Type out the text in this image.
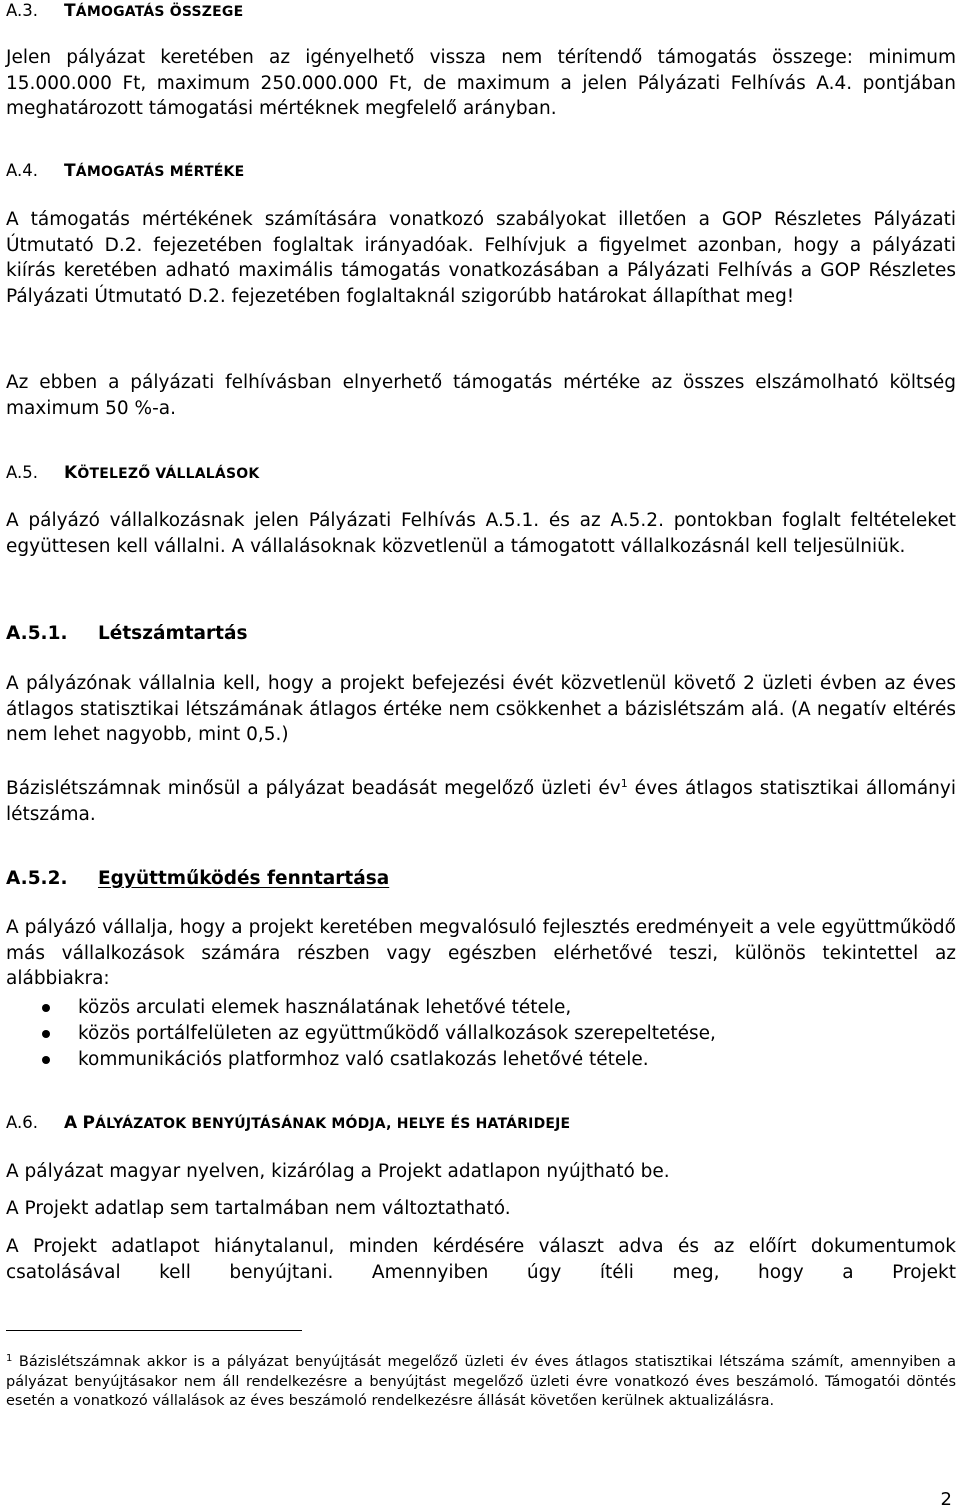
A.3. TÁMOGATÁS ÖSSZEGE

Jelen pályázat keretében az igényelhető vissza nem térítendő támogatás összege: minimum 15.000.000 Ft, maximum 250.000.000 Ft, de maximum a jelen Pályázati Felhívás A.4. pontjában meghatározott támogatási mértéknek megfelelő arányban.

A.4. TÁMOGATÁS MÉRTÉKE

A támogatás mértékének számítására vonatkozó szabályokat illetően a GOP Részletes Pályázati Útmutató D.2. fejezetében foglaltak irányadóak. Felhívjuk a figyelmet azonban, hogy a pályázati kiírás keretében adható maximális támogatás vonatkozásában a Pályázati Felhívás a GOP Részletes Pályázati Útmutató D.2. fejezetében foglaltaknál szigorúbb határokat állapíthat meg!

Az ebben a pályázati felhívásban elnyerhető támogatás mértéke az összes elszámolható költség maximum 50 %-a.

A.5. KÖTELEZŐ VÁLLALÁSOK

A pályázó vállalkozásnak jelen Pályázati Felhívás A.5.1. és az A.5.2. pontokban foglalt feltételeket együttesen kell vállalni. A vállalásoknak közvetlenül a támogatott vállalkozásnál kell teljesülniük.

A.5.1. Létszámtartás

A pályázónak vállalnia kell, hogy a projekt befejezési évét közvetlenül követő 2 üzleti évben az éves átlagos statisztikai létszámának átlagos értéke nem csökkenhet a bázislétszám alá. (A negatív eltérés nem lehet nagyobb, mint 0,5.)

Bázislétszámnak minősül a pályázat beadását megelőző üzleti $év^1$ éves átlagos statisztikai állományi létszáma.

A.5.2. Együttműködés fenntartása

A pályázó vállalja, hogy a projekt keretében megvalósuló fejlesztés eredményeit a vele együttműködő más vállalkozások számára részben vagy egészben elérhetővé teszi, különös tekintettel az alábbiakra:

közös arculati elemek használatának lehetővé tétele,
közös portálfelületen az együttműködő vállalkozások szerepeltetése,
kommunikációs platformhoz való csatlakozás lehetővé tétele.
A.6. A PÁLYÁZATOK BENYÚJTÁSÁNAK MÓDJA, HELYE ÉS HATÁRIDEJE

A pályázat magyar nyelven, kizárólag a Projekt adatlapon nyújtható be.

A Projekt adatlap sem tartalmában nem változtatható.

A Projekt adatlapot hiánytalanul, minden kérdésére választ adva és az előírt dokumentumok csatolásával kell benyújtani. Amennyiben úgy ítéli meg, hogy a Projekt

$^1$ Bázislétszámnak akkor is a pályázat benyújtását megelőző üzleti év éves átlagos statisztikai létszáma számít, amennyiben a pályázat benyújtásakor nem áll rendelkezésre a benyújtást megelőző üzleti évre vonatkozó éves beszámoló. Támogatói döntés esetén a vonatkozó vállalások az éves beszámoló rendelkezésre állását követően kerülnek aktualizálásra.
2
